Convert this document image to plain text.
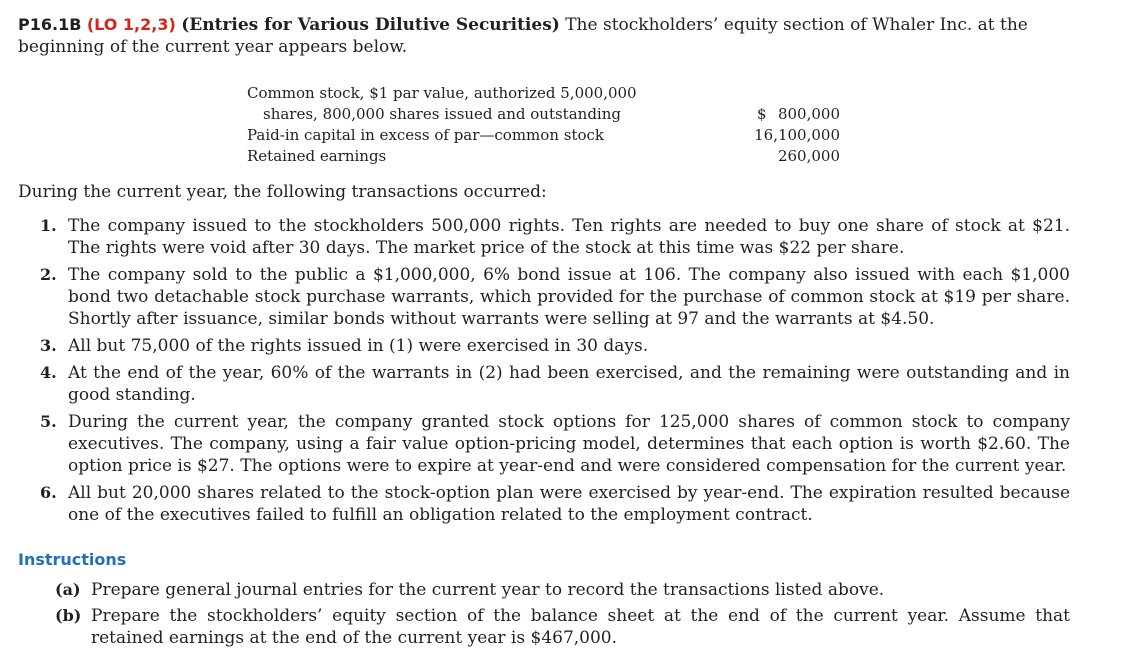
P16.1B (LO 1,2,3) (Entries for Various Dilutive Securities) The stockholders’ equity section of Whaler Inc. at the beginning of the current year appears below.
Common stock, $1 par value, authorized 5,000,000
shares, 800,000 shares issued and outstanding	$ 800,000
Paid-in capital in excess of par—common stock	16,100,000
Retained earnings	260,000
During the current year, the following transactions occurred:
1. The company issued to the stockholders 500,000 rights. Ten rights are needed to buy one share of stock at $21. The rights were void after 30 days. The market price of the stock at this time was $22 per share.
2. The company sold to the public a $1,000,000, 6% bond issue at 106. The company also issued with each $1,000 bond two detachable stock purchase warrants, which provided for the purchase of common stock at $19 per share. Shortly after issuance, similar bonds without warrants were selling at 97 and the warrants at $4.50.
3. All but 75,000 of the rights issued in (1) were exercised in 30 days.
4. At the end of the year, 60% of the warrants in (2) had been exercised, and the remaining were outstanding and in good standing.
5. During the current year, the company granted stock options for 125,000 shares of common stock to company executives. The company, using a fair value option-pricing model, determines that each option is worth $2.60. The option price is $27. The options were to expire at year-end and were considered compensation for the current year.
6. All but 20,000 shares related to the stock-option plan were exercised by year-end. The expiration resulted because one of the executives failed to fulfill an obligation related to the employment contract.
Instructions
(a) Prepare general journal entries for the current year to record the transactions listed above.
(b) Prepare the stockholders’ equity section of the balance sheet at the end of the current year. Assume that retained earnings at the end of the current year is $467,000.
